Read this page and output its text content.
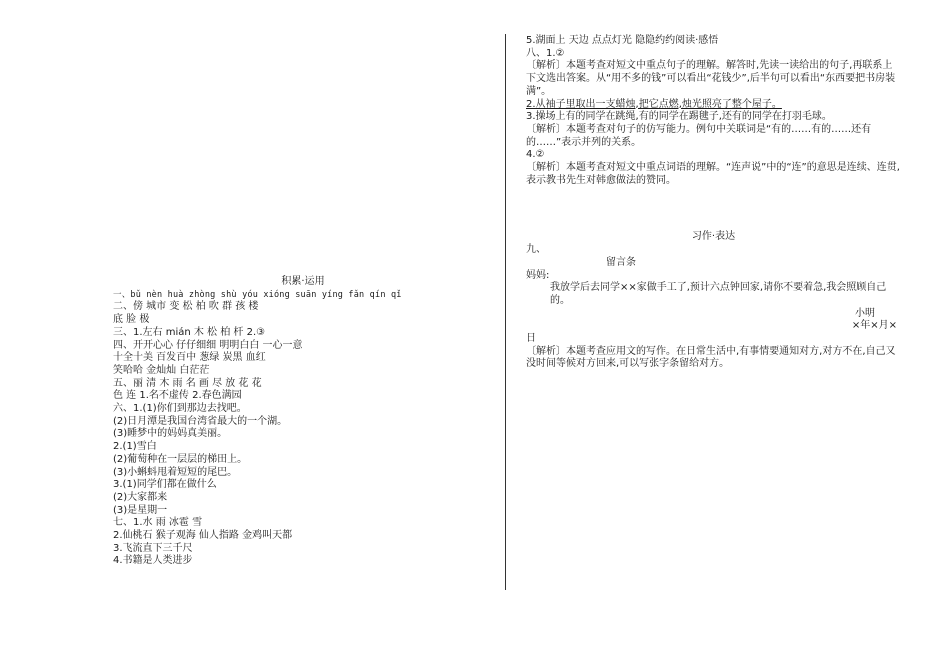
积累·运用
一、bǔ nèn huà zhòng shù yóu xióng suān yíng fǎn qín qǐ
二、傍 城市 变 松 柏 吹 群 孩 楼
底 脸 极
三、1.左右 mián 木 松 柏 杆 2.③
四、开开心心 仔仔细细 明明白白 一心一意
十全十美 百发百中 葱绿 炭黑 血红
笑哈哈 金灿灿 白茫茫
五、丽 清 木 雨 名 画 尽 放 花 花
色 连 1.名不虚传 2.春色满园
六、1.(1)你们到那边去找吧。
(2)日月潭是我国台湾省最大的一个湖。
(3)睡梦中的妈妈真美丽。
2.(1)雪白
(2)葡萄种在一层层的梯田上。
(3)小蝌蚪甩着短短的尾巴。
3.(1)同学们都在做什么
(2)大家都来
(3)是星期一
七、1.水 雨 冰雹 雪
2.仙桃石 猴子观海 仙人指路 金鸡叫天都
3.飞流直下三千尺
4.书籍是人类进步
5.湖面上 天边 点点灯光 隐隐约约阅读·感悟
八、1.②
〔解析〕本题考查对短文中重点句子的理解。解答时,先读一读给出的句子,再联系上下文选出答案。从“用不多的钱”可以看出“花钱少”,后半句可以看出“东西要把书房装满”。
2.从袖子里取出一支蜡烛,把它点燃,烛光照亮了整个屋子。
3.操场上有的同学在跳绳,有的同学在踢毽子,还有的同学在打羽毛球。
〔解析〕本题考查对句子的仿写能力。例句中关联词是“有的……有的……还有的……”表示并列的关系。
4.②
〔解析〕本题考查对短文中重点词语的理解。“连声说”中的“连”的意思是连续、连贯,表示教书先生对韩愈做法的赞同。
习作·表达
九、
留言条
妈妈:
我放学后去同学××家做手工了,预计六点钟回家,请你不要着急,我会照顾自己的。
小明
×年×月×
日
〔解析〕本题考查应用文的写作。在日常生活中,有事情要通知对方,对方不在,自己又没时间等候对方回来,可以写张字条留给对方。
